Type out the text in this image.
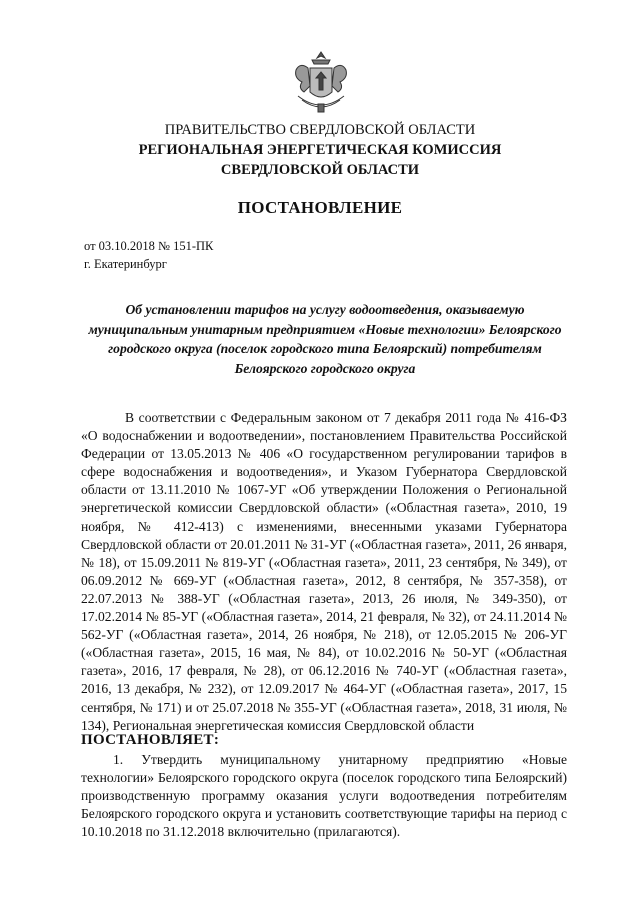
ПРАВИТЕЛЬСТВО СВЕРДЛОВСКОЙ ОБЛАСТИ
РЕГИОНАЛЬНАЯ ЭНЕРГЕТИЧЕСКАЯ КОМИССИЯ
СВЕРДЛОВСКОЙ ОБЛАСТИ
ПОСТАНОВЛЕНИЕ
от 03.10.2018 № 151-ПК
г. Екатеринбург
Об установлении тарифов на услугу водоотведения, оказываемую муниципальным унитарным предприятием «Новые технологии» Белоярского городского округа (поселок городского типа Белоярский) потребителям Белоярского городского округа
В соответствии с Федеральным законом от 7 декабря 2011 года № 416-ФЗ «О водоснабжении и водоотведении», постановлением Правительства Российской Федерации от 13.05.2013 № 406 «О государственном регулировании тарифов в сфере водоснабжения и водоотведения», и Указом Губернатора Свердловской области от 13.11.2010 № 1067-УГ «Об утверждении Положения о Региональной энергетической комиссии Свердловской области» («Областная газета», 2010, 19 ноября, № 412-413) с изменениями, внесенными указами Губернатора Свердловской области от 20.01.2011 № 31-УГ («Областная газета», 2011, 26 января, № 18), от 15.09.2011 № 819-УГ («Областная газета», 2011, 23 сентября, № 349), от 06.09.2012 № 669-УГ («Областная газета», 2012, 8 сентября, № 357-358), от 22.07.2013 № 388-УГ («Областная газета», 2013, 26 июля, № 349-350), от 17.02.2014 № 85-УГ («Областная газета», 2014, 21 февраля, № 32), от 24.11.2014 № 562-УГ («Областная газета», 2014, 26 ноября, № 218), от 12.05.2015 № 206-УГ («Областная газета», 2015, 16 мая, № 84), от 10.02.2016 № 50-УГ («Областная газета», 2016, 17 февраля, № 28), от 06.12.2016 № 740-УГ («Областная газета», 2016, 13 декабря, № 232), от 12.09.2017 № 464-УГ («Областная газета», 2017, 15 сентября, № 171) и от 25.07.2018 № 355-УГ («Областная газета», 2018, 31 июля, № 134), Региональная энергетическая комиссия Свердловской области
ПОСТАНОВЛЯЕТ:
1. Утвердить муниципальному унитарному предприятию «Новые технологии» Белоярского городского округа (поселок городского типа Белоярский) производственную программу оказания услуги водоотведения потребителям Белоярского городского округа и установить соответствующие тарифы на период с 10.10.2018 по 31.12.2018 включительно (прилагаются).
